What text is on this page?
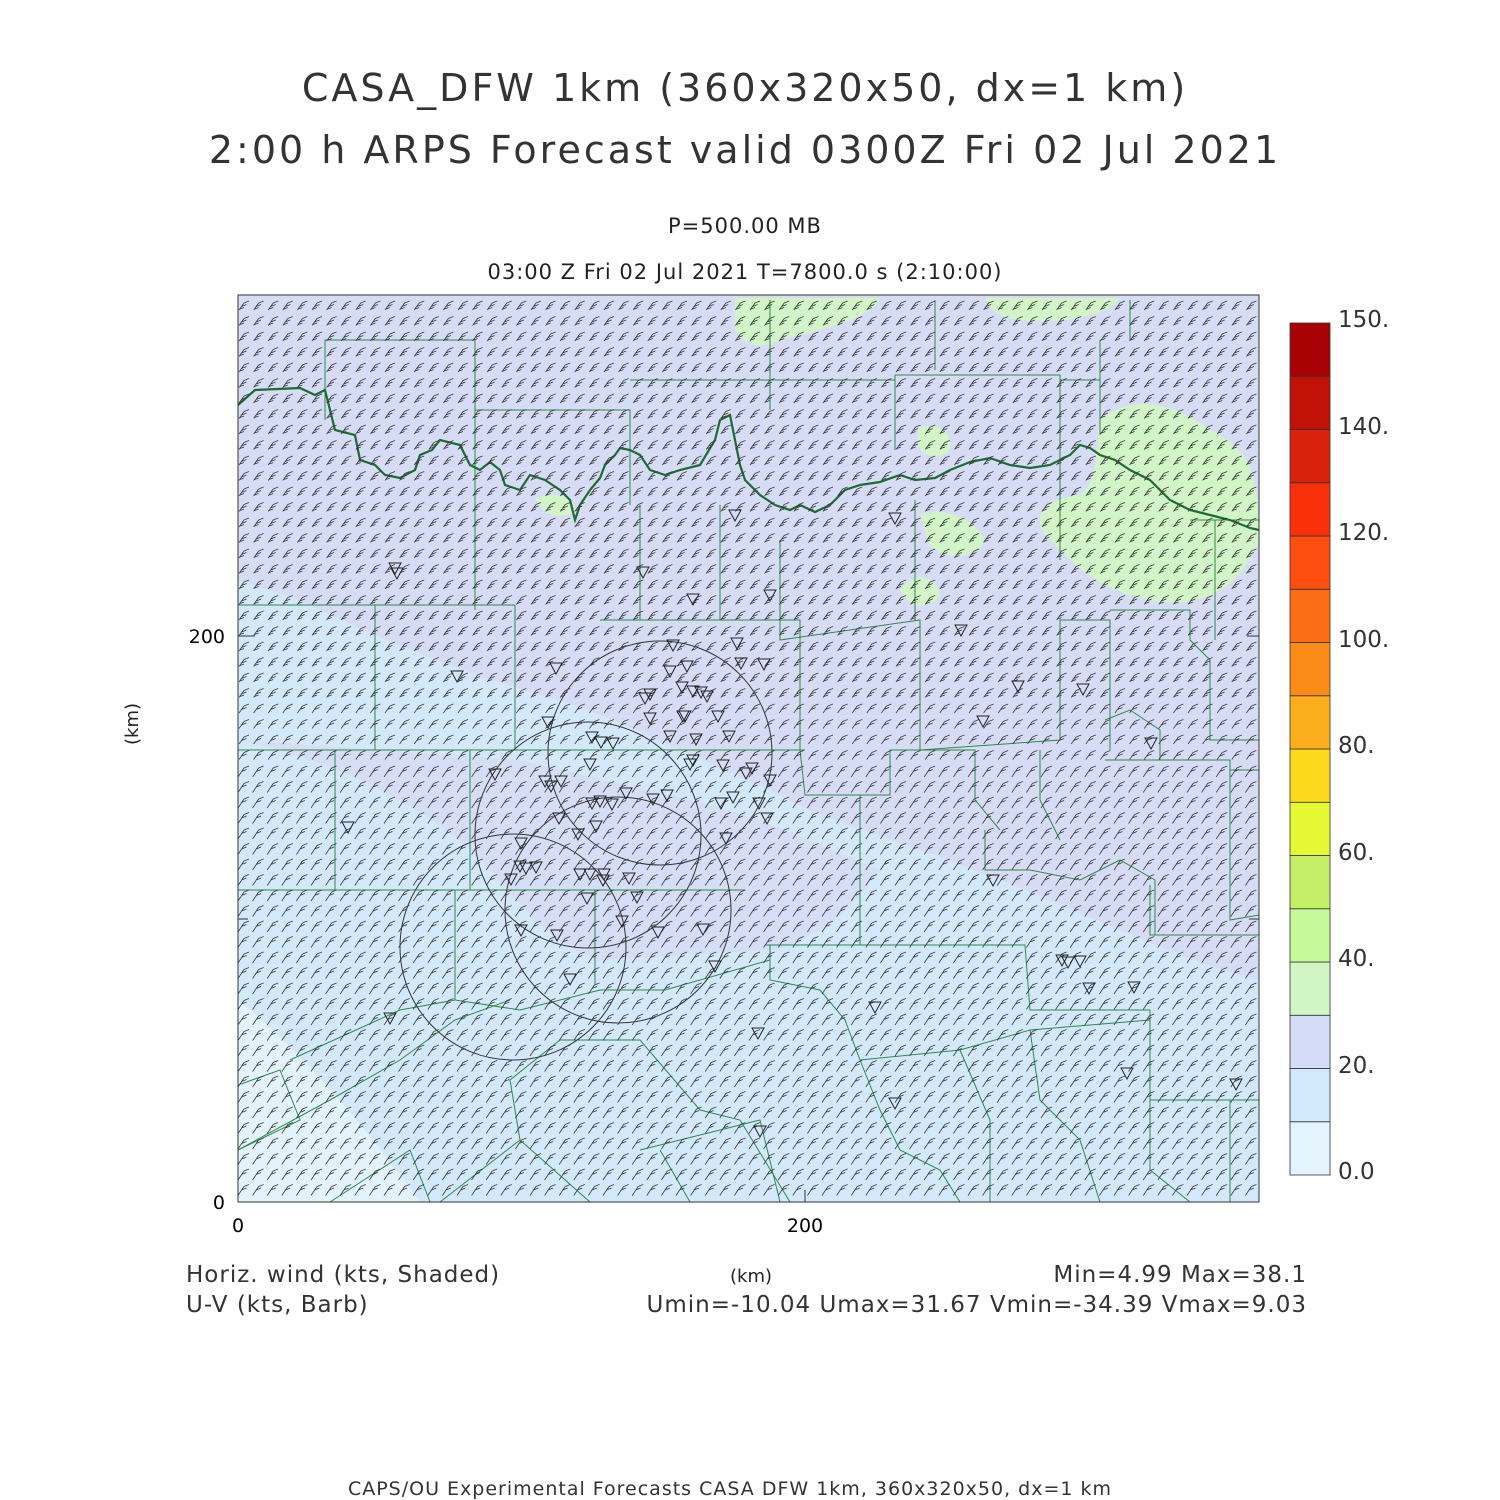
CASA_DFW 1km (360x320x50, dx=1 km)
2:00 h ARPS Forecast valid 0300Z Fri 02 Jul 2021
P=500.00 MB
03:00 Z Fri 02 Jul 2021 T=7800.0 s (2:10:00)
0	200
0
200
(km)
(km)
Horiz. wind (kts, Shaded)
U-V (kts, Barb)
Min=4.99 Max=38.1
Umin=-10.04 Umax=31.67 Vmin=-34.39 Vmax=9.03
CAPS/OU Experimental Forecasts CASA DFW 1km, 360x320x50, dx=1 km
0.0
20.
40.
60.
80.
100.
120.
140.
150.
